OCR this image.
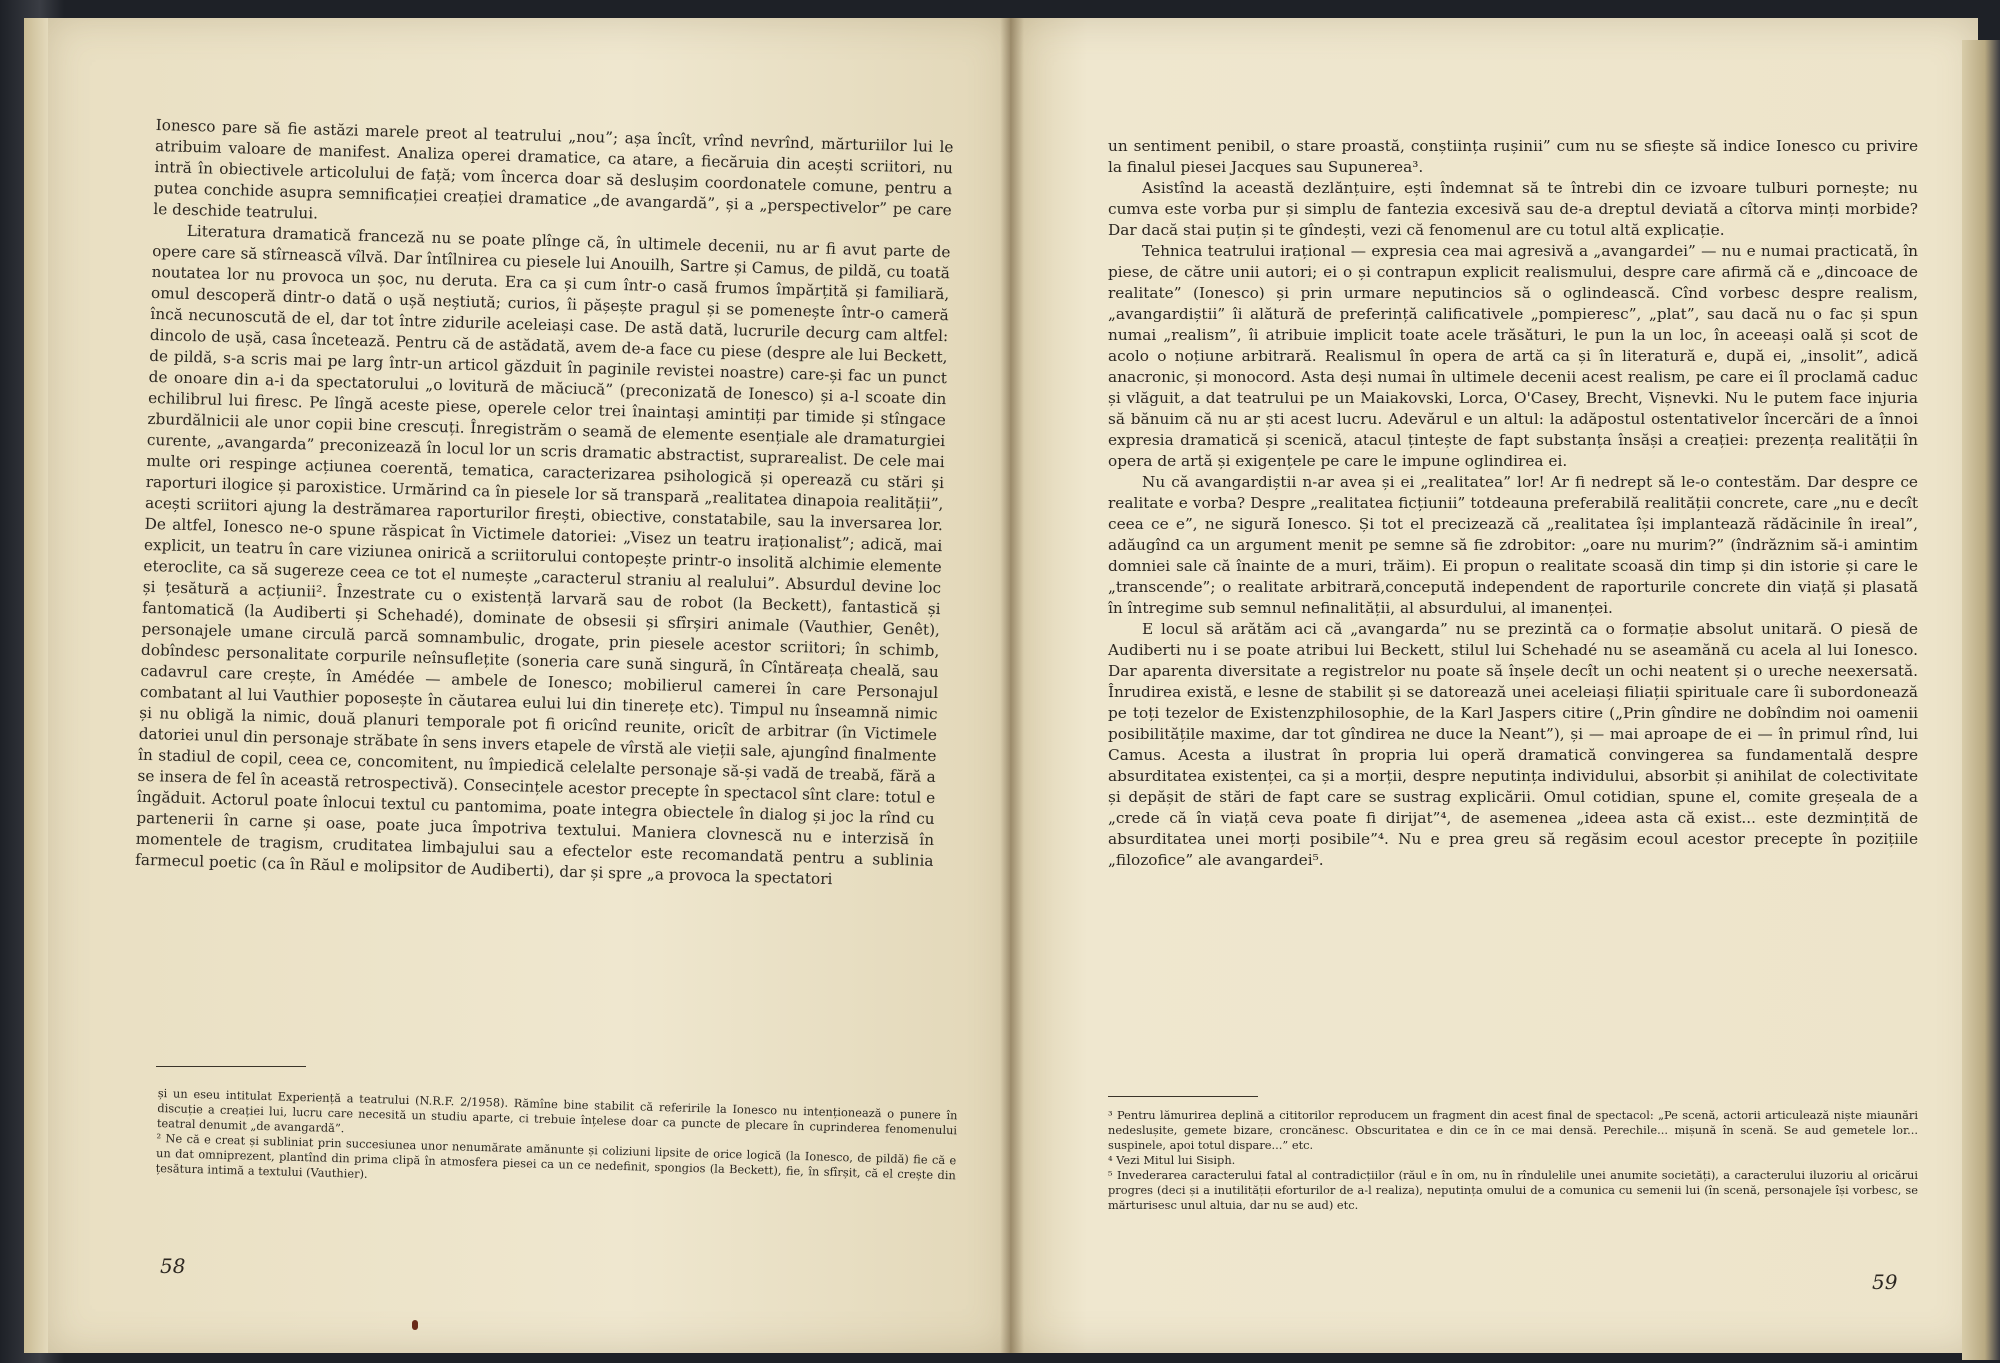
Ionesco pare să fie astăzi marele preot al teatrului „nou”; așa încît, vrînd nevrînd, mărturiilor lui le atribuim valoare de manifest. Analiza operei dramatice, ca atare, a fiecăruia din acești scriitori, nu intră în obiectivele articolului de față; vom încerca doar să deslușim coordonatele comune, pentru a putea conchide asupra semnificației creației dramatice „de avangardă”, și a „perspectivelor” pe care le deschide teatrului.

Literatura dramatică franceză nu se poate plînge că, în ultimele decenii, nu ar fi avut parte de opere care să stîrnească vîlvă. Dar întîlnirea cu piesele lui Anouilh, Sartre și Camus, de pildă, cu toată noutatea lor nu provoca un șoc, nu deruta. Era ca și cum într-o casă frumos împărțită și familiară, omul descoperă dintr-o dată o ușă neștiută; curios, îi pășește pragul și se pomenește într-o cameră încă necunoscută de el, dar tot între zidurile aceleiași case. De astă dată, lucrurile decurg cam altfel: dincolo de ușă, casa încetează. Pentru că de astădată, avem de-a face cu piese (despre ale lui Beckett, de pildă, s-a scris mai pe larg într-un articol găzduit în paginile revistei noastre) care-și fac un punct de onoare din a-i da spectatorului „o lovitură de măciucă” (preconizată de Ionesco) și a-l scoate din echilibrul lui firesc. Pe lîngă aceste piese, operele celor trei înaintași amintiți par timide și stîngace zburdălnicii ale unor copii bine crescuți. Înregistrăm o seamă de elemente esențiale ale dramaturgiei curente, „avangarda” preconizează în locul lor un scris dramatic abstractist, suprarealist. De cele mai multe ori respinge acțiunea coerentă, tematica, caracterizarea psihologică și operează cu stări și raporturi ilogice și paroxistice. Urmărind ca în piesele lor să transpară „realitatea dinapoia realității”, acești scriitori ajung la destrămarea raporturilor firești, obiective, constatabile, sau la inversarea lor. De altfel, Ionesco ne-o spune răspicat în Victimele datoriei: „Visez un teatru iraționalist”; adică, mai explicit, un teatru în care viziunea onirică a scriitorului contopește printr-o insolită alchimie elemente eteroclite, ca să sugereze ceea ce tot el numește „caracterul straniu al realului”. Absurdul devine loc și țesătură a acțiunii². Înzestrate cu o existență larvară sau de robot (la Beckett), fantastică și fantomatică (la Audiberti și Schehadé), dominate de obsesii și sfîrșiri animale (Vauthier, Genêt), personajele umane circulă parcă somnambulic, drogate, prin piesele acestor scriitori; în schimb, dobîndesc personalitate corpurile neînsuflețite (soneria care sună singură, în Cîntăreața cheală, sau cadavrul care crește, în Amédée — ambele de Ionesco; mobilierul camerei în care Personajul combatant al lui Vauthier poposește în căutarea eului lui din tinerețe etc). Timpul nu înseamnă nimic și nu obligă la nimic, două planuri temporale pot fi oricînd reunite, oricît de arbitrar (în Victimele datoriei unul din personaje străbate în sens invers etapele de vîrstă ale vieții sale, ajungînd finalmente în stadiul de copil, ceea ce, concomitent, nu împiedică celelalte personaje să-și vadă de treabă, fără a se insera de fel în această retrospectivă). Consecințele acestor precepte în spectacol sînt clare: totul e îngăduit. Actorul poate înlocui textul cu pantomima, poate integra obiectele în dialog și joc la rînd cu partenerii în carne și oase, poate juca împotriva textului. Maniera clovnescă nu e interzisă în momentele de tragism, cruditatea limbajului sau a efectelor este recomandată pentru a sublinia farmecul poetic (ca în Răul e molipsitor de Audiberti), dar și spre „a provoca la spectatori

și un eseu intitulat Experiență a teatrului (N.R.F. 2/1958). Rămîne bine stabilit că referirile la Ionesco nu intenționează o punere în discuție a creației lui, lucru care necesită un studiu aparte, ci trebuie înțelese doar ca puncte de plecare în cuprinderea fenomenului teatral denumit „de avangardă”.

² Ne că e creat și subliniat prin succesiunea unor nenumărate amănunte și coliziuni lipsite de orice logică (la Ionesco, de pildă) fie că e un dat omniprezent, plantînd din prima clipă în atmosfera piesei ca un ce nedefinit, spongios (la Beckett), fie, în sfîrșit, că el crește din țesătura intimă a textului (Vauthier).

58

un sentiment penibil, o stare proastă, conștiința rușinii” cum nu se sfiește să indice Ionesco cu privire la finalul piesei Jacques sau Supunerea³.

Asistînd la această dezlănțuire, ești îndemnat să te întrebi din ce izvoare tulburi pornește; nu cumva este vorba pur și simplu de fantezia excesivă sau de-a dreptul deviată a cîtorva minți morbide? Dar dacă stai puțin și te gîndești, vezi că fenomenul are cu totul altă explicație.

Tehnica teatrului irațional — expresia cea mai agresivă a „avangardei” — nu e numai practicată, în piese, de către unii autori; ei o și contrapun explicit realismului, despre care afirmă că e „dincoace de realitate” (Ionesco) și prin urmare neputincios să o oglindească. Cînd vorbesc despre realism, „avangardiștii” îi alătură de preferință calificativele „pompieresc”, „plat”, sau dacă nu o fac și spun numai „realism”, îi atribuie implicit toate acele trăsături, le pun la un loc, în aceeași oală și scot de acolo o noțiune arbitrară. Realismul în opera de artă ca și în literatură e, după ei, „insolit”, adică anacronic, și monocord. Asta deși numai în ultimele decenii acest realism, pe care ei îl proclamă caduc și vlăguit, a dat teatrului pe un Maiakovski, Lorca, O'Casey, Brecht, Vișnevki. Nu le putem face injuria să bănuim că nu ar ști acest lucru. Adevărul e un altul: la adăpostul ostentativelor încercări de a înnoi expresia dramatică și scenică, atacul țintește de fapt substanța însăși a creației: prezența realității în opera de artă și exigențele pe care le impune oglindirea ei.

Nu că avangardiștii n-ar avea și ei „realitatea” lor! Ar fi nedrept să le-o contestăm. Dar despre ce realitate e vorba? Despre „realitatea ficțiunii” totdeauna preferabilă realității concrete, care „nu e decît ceea ce e”, ne sigură Ionesco. Și tot el precizează că „realitatea își implantează rădăcinile în ireal”, adăugînd ca un argument menit pe semne să fie zdrobitor: „oare nu murim?” (îndrăznim să-i amintim domniei sale că înainte de a muri, trăim). Ei propun o realitate scoasă din timp și din istorie și care le „transcende”; o realitate arbitrară,concepută independent de raporturile concrete din viață și plasată în întregime sub semnul nefinalității, al absurdului, al imanenței.

E locul să arătăm aci că „avangarda” nu se prezintă ca o formație absolut unitară. O piesă de Audiberti nu i se poate atribui lui Beckett, stilul lui Schehadé nu se aseamănă cu acela al lui Ionesco. Dar aparenta diversitate a registrelor nu poate să înșele decît un ochi neatent și o ureche neexersată. Înrudirea există, e lesne de stabilit și se datorează unei aceleiași filiații spirituale care îi subordonează pe toți tezelor de Existenzphilosophie, de la Karl Jaspers citire („Prin gîndire ne dobîndim noi oamenii posibilitățile maxime, dar tot gîndirea ne duce la Neant”), și — mai aproape de ei — în primul rînd, lui Camus. Acesta a ilustrat în propria lui operă dramatică convingerea sa fundamentală despre absurditatea existenței, ca și a morții, despre neputința individului, absorbit și anihilat de colectivitate și depășit de stări de fapt care se sustrag explicării. Omul cotidian, spune el, comite greșeala de a „crede că în viață ceva poate fi dirijat”⁴, de asemenea „ideea asta că exist... este dezmințită de absurditatea unei morți posibile”⁴. Nu e prea greu să regăsim ecoul acestor precepte în pozițiile „filozofice” ale avangardei⁵.

³ Pentru lămurirea deplină a cititorilor reproducem un fragment din acest final de spectacol: „Pe scenă, actorii articulează niște miaunări nedeslușite, gemete bizare, croncănesc. Obscuritatea e din ce în ce mai densă. Perechile... mișună în scenă. Se aud gemetele lor... suspinele, apoi totul dispare...” etc.

⁴ Vezi Mitul lui Sisiph.

⁵ Invederarea caracterului fatal al contradicțiilor (răul e în om, nu în rîndulelile unei anumite societăți), a caracterului iluzoriu al oricărui progres (deci și a inutilității eforturilor de a-l realiza), neputința omului de a comunica cu semenii lui (în scenă, personajele își vorbesc, se mărturisesc unul altuia, dar nu se aud) etc.

59
